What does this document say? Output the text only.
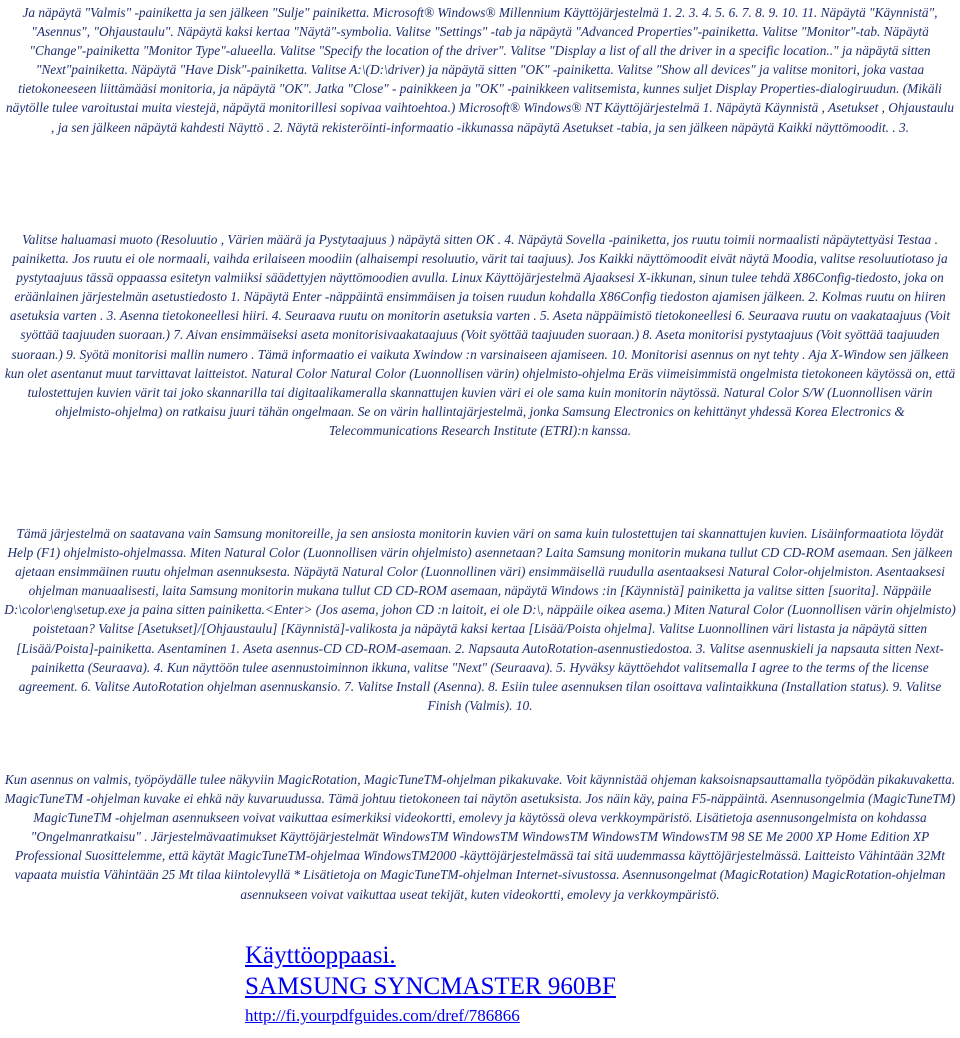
Ja näpäytä "Valmis" -painiketta ja sen jälkeen "Sulje" painiketta. Microsoft® Windows® Millennium Käyttöjärjestelmä 1. 2. 3. 4. 5. 6. 7. 8. 9. 10. 11. Näpäytä "Käynnistä", "Asennus", "Ohjaustaulu". Näpäytä kaksi kertaa "Näytä"-symbolia. Valitse "Settings" -tab ja näpäytä "Advanced Properties"-painiketta. Valitse "Monitor"-tab. Näpäytä "Change"-painiketta "Monitor Type"-alueella. Valitse "Specify the location of the driver". Valitse "Display a list of all the driver in a specific location.." ja näpäytä sitten "Next"painiketta. Näpäytä "Have Disk"-painiketta. Valitse A:\(D:\driver) ja näpäytä sitten "OK" -painiketta. Valitse "Show all devices" ja valitse monitori, joka vastaa tietokoneeseen liittämääsi monitoria, ja näpäytä "OK". Jatka "Close" - painikkeen ja "OK" -painikkeen valitsemista, kunnes suljet Display Properties-dialogiruudun. (Mikäli näytölle tulee varoitustai muita viestejä, näpäytä monitorillesi sopivaa vaihtoehtoa.) Microsoft® Windows® NT Käyttöjärjestelmä 1. Näpäytä Käynnistä , Asetukset , Ohjaustaulu , ja sen jälkeen näpäytä kahdesti Näyttö . 2. Näytä rekisteröinti-informaatio -ikkunassa näpäytä Asetukset -tabia, ja sen jälkeen näpäytä Kaikki näyttömoodit. . 3.

Valitse haluamasi muoto (Resoluutio , Värien määrä ja Pystytaajuus ) näpäytä sitten OK . 4. Näpäytä Sovella -painiketta, jos ruutu toimii normaalisti näpäytettyäsi Testaa . painiketta. Jos ruutu ei ole normaali, vaihda erilaiseen moodiin (alhaisempi resoluutio, värit tai taajuus). Jos Kaikki näyttömoodit eivät näytä Moodia, valitse resoluutiotaso ja pystytaajuus tässä oppaassa esitetyn valmiiksi säädettyjen näyttömoodien avulla. Linux Käyttöjärjestelmä Ajaaksesi X-ikkunan, sinun tulee tehdä X86Config-tiedosto, joka on eräänlainen järjestelmän asetustiedosto 1. Näpäytä Enter -näppäintä ensimmäisen ja toisen ruudun kohdalla X86Config tiedoston ajamisen jälkeen. 2. Kolmas ruutu on hiiren asetuksia varten . 3. Asenna tietokoneellesi hiiri. 4. Seuraava ruutu on monitorin asetuksia varten . 5. Aseta näppäimistö tietokoneellesi 6. Seuraava ruutu on vaakataajuus (Voit syöttää taajuuden suoraan.) 7. Aivan ensimmäiseksi aseta monitorisivaakataajuus (Voit syöttää taajuuden suoraan.) 8. Aseta monitorisi pystytaajuus (Voit syöttää taajuuden suoraan.) 9. Syötä monitorisi mallin numero . Tämä informaatio ei vaikuta Xwindow :n varsinaiseen ajamiseen. 10. Monitorisi asennus on nyt tehty . Aja X-Window sen jälkeen kun olet asentanut muut tarvittavat laitteistot. Natural Color Natural Color (Luonnollisen värin) ohjelmisto-ohjelma Eräs viimeisimmistä ongelmista tietokoneen käytössä on, että tulostettujen kuvien värit tai joko skannarilla tai digitaalikameralla skannattujen kuvien väri ei ole sama kuin monitorin näytössä. Natural Color S/W (Luonnollisen värin ohjelmisto-ohjelma) on ratkaisu juuri tähän ongelmaan. Se on värin hallintajärjestelmä, jonka Samsung Electronics on kehittänyt yhdessä Korea Electronics & Telecommunications Research Institute (ETRI):n kanssa.

Tämä järjestelmä on saatavana vain Samsung monitoreille, ja sen ansiosta monitorin kuvien väri on sama kuin tulostettujen tai skannattujen kuvien. Lisäinformaatiota löydät Help (F1) ohjelmisto-ohjelmassa. Miten Natural Color (Luonnollisen värin ohjelmisto) asennetaan? Laita Samsung monitorin mukana tullut CD CD-ROM asemaan. Sen jälkeen ajetaan ensimmäinen ruutu ohjelman asennuksesta. Näpäytä Natural Color (Luonnollinen väri) ensimmäisellä ruudulla asentaaksesi Natural Color-ohjelmiston. Asentaaksesi ohjelman manuaalisesti, laita Samsung monitorin mukana tullut CD CD-ROM asemaan, näpäytä Windows :in [Käynnistä] painiketta ja valitse sitten [suorita]. Näppäile D:\color\eng\setup.exe ja paina sitten painiketta.<Enter> (Jos asema, johon CD :n laitoit, ei ole D:\, näppäile oikea asema.) Miten Natural Color (Luonnollisen värin ohjelmisto) poistetaan? Valitse [Asetukset]/[Ohjaustaulu] [Käynnistä]-valikosta ja näpäytä kaksi kertaa [Lisää/Poista ohjelma]. Valitse Luonnollinen väri listasta ja näpäytä sitten [Lisää/Poista]-painiketta. Asentaminen 1. Aseta asennus-CD CD-ROM-asemaan. 2. Napsauta AutoRotation-asennustiedostoa. 3. Valitse asennuskieli ja napsauta sitten Next-painiketta (Seuraava). 4. Kun näyttöön tulee asennustoiminnon ikkuna, valitse "Next" (Seuraava). 5. Hyväksy käyttöehdot valitsemalla I agree to the terms of the license agreement. 6. Valitse AutoRotation ohjelman asennuskansio. 7. Valitse Install (Asenna). 8. Esiin tulee asennuksen tilan osoittava valintaikkuna (Installation status). 9. Valitse Finish (Valmis). 10.

Kun asennus on valmis, työpöydälle tulee näkyviin MagicRotation, MagicTuneTM-ohjelman pikakuvake. Voit käynnistää ohjeman kaksoisnapsauttamalla työpödän pikakuvaketta. MagicTuneTM -ohjelman kuvake ei ehkä näy kuvaruudussa. Tämä johtuu tietokoneen tai näytön asetuksista. Jos näin käy, paina F5-näppäintä. Asennusongelmia (MagicTuneTM) MagicTuneTM -ohjelman asennukseen voivat vaikuttaa esimerkiksi videokortti, emolevy ja käytössä oleva verkkoympäristö. Lisätietoja asennusongelmista on kohdassa "Ongelmanratkaisu" . Järjestelmävaatimukset Käyttöjärjestelmät WindowsTM WindowsTM WindowsTM WindowsTM WindowsTM 98 SE Me 2000 XP Home Edition XP Professional Suosittelemme, että käytät MagicTuneTM-ohjelmaa WindowsTM2000 -käyttöjärjestelmässä tai sitä uudemmassa käyttöjärjestelmässä. Laitteisto Vähintään 32Mt vapaata muistia Vähintään 25 Mt tilaa kiintolevyllä * Lisätietoja on MagicTuneTM-ohjelman Internet-sivustossa. Asennusongelmat (MagicRotation) MagicRotation-ohjelman asennukseen voivat vaikuttaa useat tekijät, kuten videokortti, emolevy ja verkkoympäristö.

Käyttöoppaasi.
SAMSUNG SYNCMASTER 960BF
http://fi.yourpdfguides.com/dref/786866
